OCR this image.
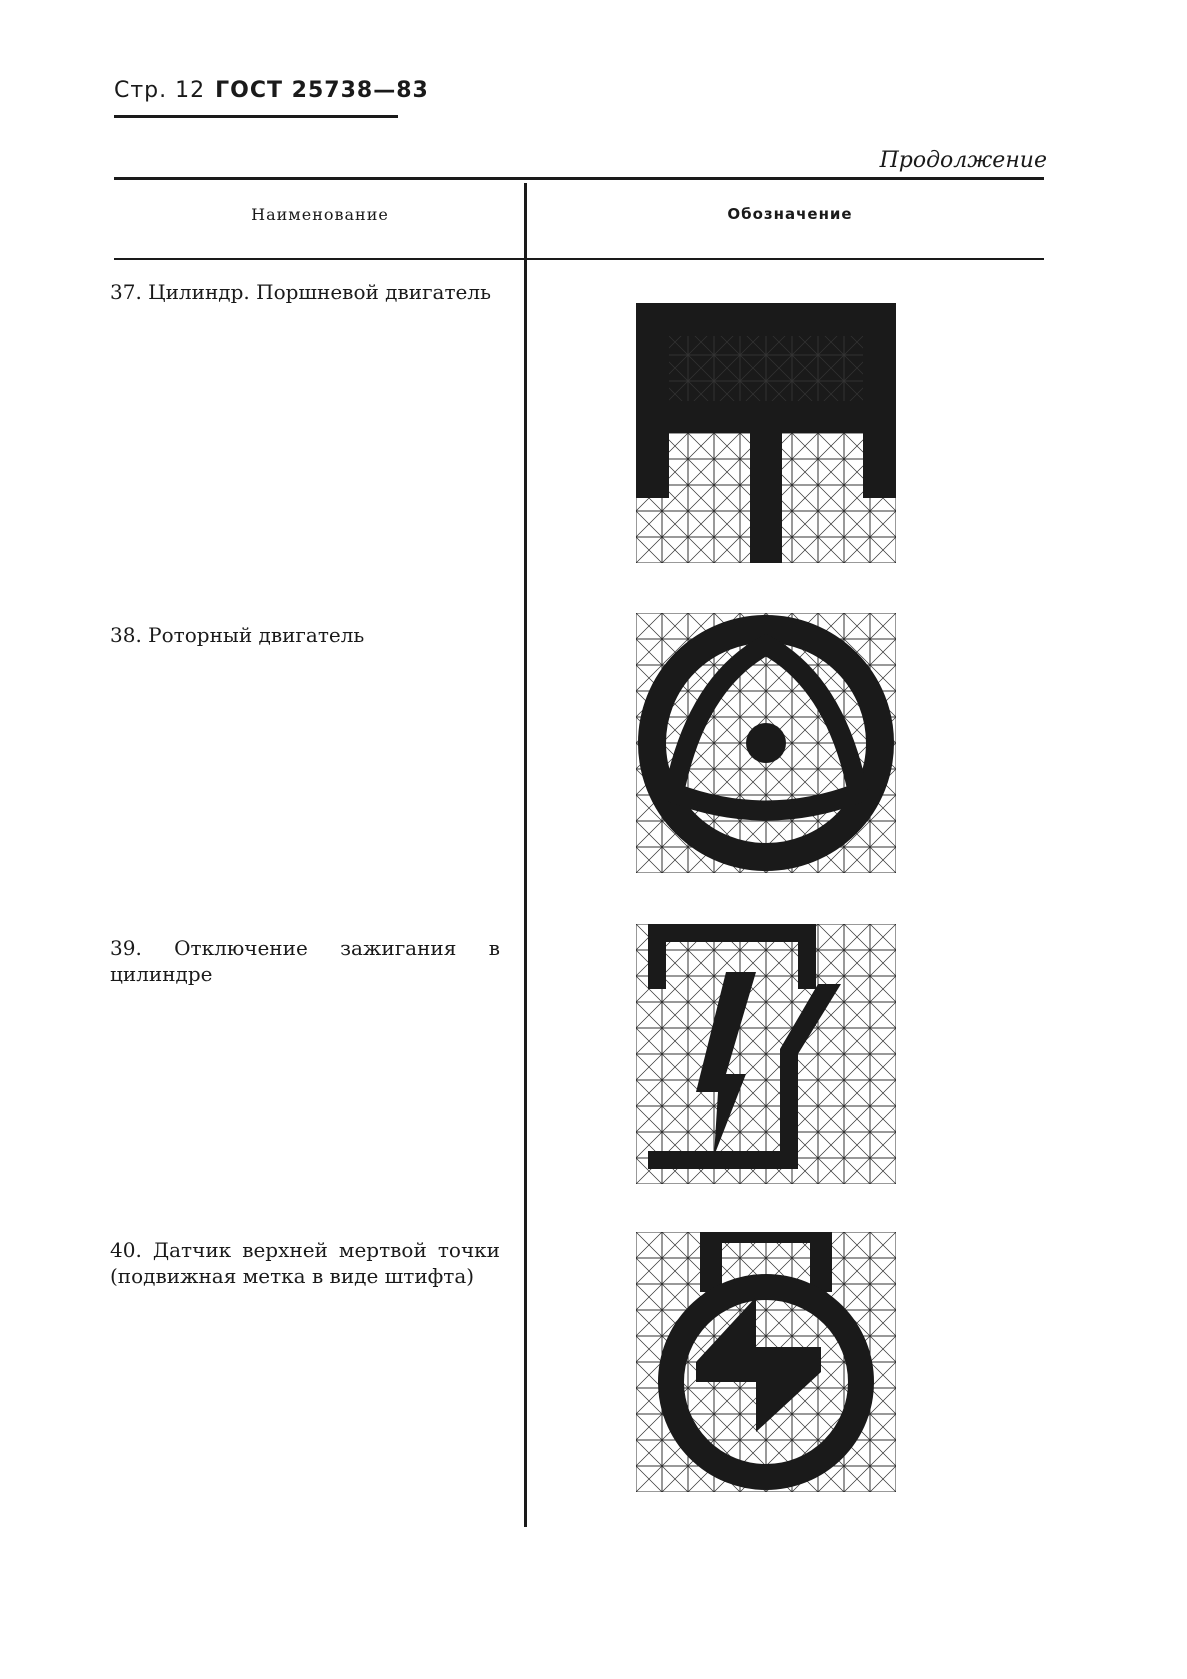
Стр. 12 ГОСТ 25738—83
Продолжение
Наименование	Обозначение
37. Цилиндр. Поршневой двигатель
38. Роторный двигатель
39. Отключение зажигания в цилиндре
40. Датчик верхней мертвой точки (подвижная метка в виде штифта)
